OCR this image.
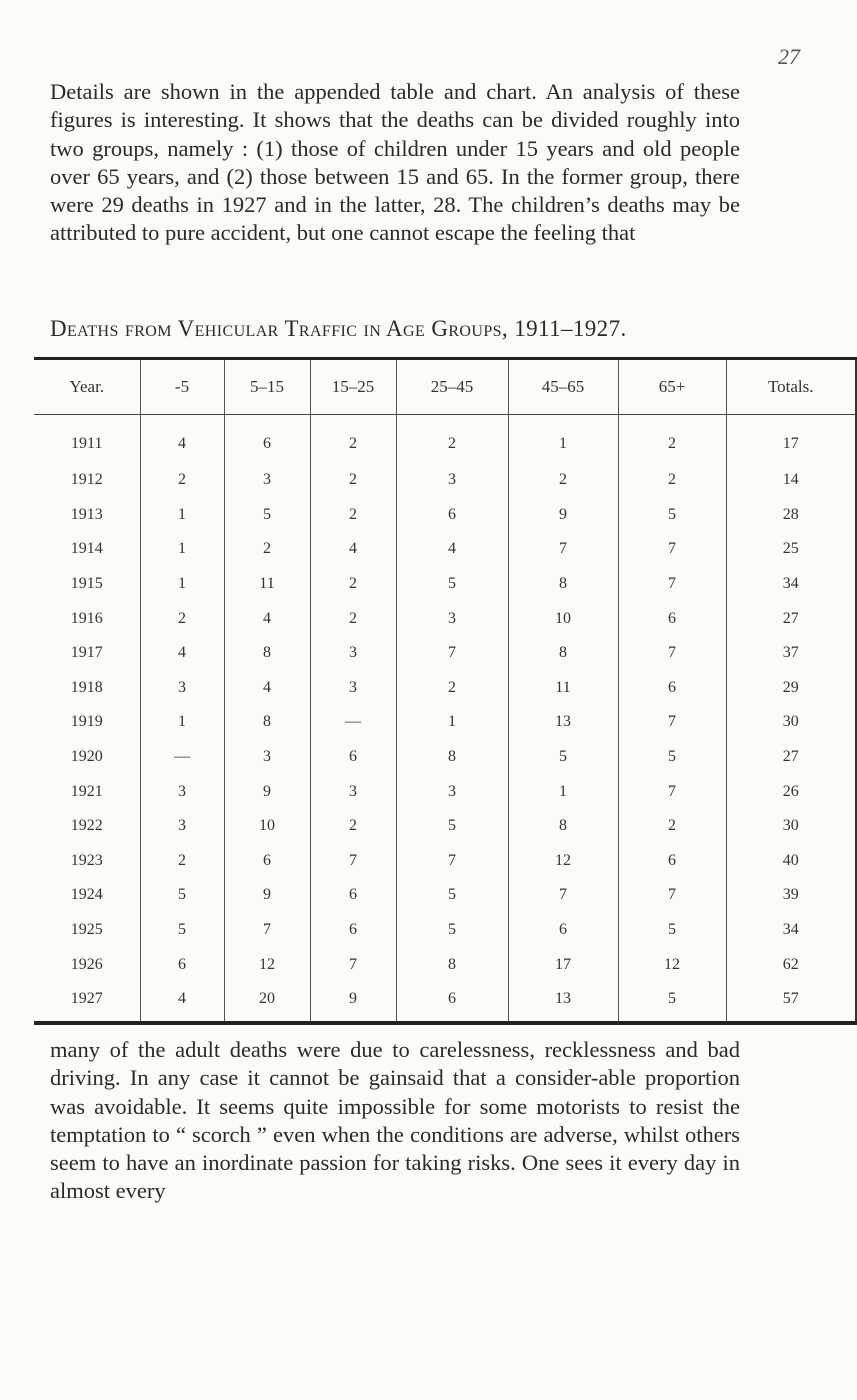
27

Details are shown in the appended table and chart. An analysis of these figures is interesting. It shows that the deaths can be divided roughly into two groups, namely : (1) those of children under 15 years and old people over 65 years, and (2) those between 15 and 65. In the former group, there were 29 deaths in 1927 and in the latter, 28. The children’s deaths may be attributed to pure accident, but one cannot escape the feeling that

Deaths from Vehicular Traffic in Age Groups, 1911–1927.
Year.	-5	5–15	15–25	25–45	45–65	65+	Totals.
1911	4	6	2	2	1	2	17
1912	2	3	2	3	2	2	14
1913	1	5	2	6	9	5	28
1914	1	2	4	4	7	7	25
1915	1	11	2	5	8	7	34
1916	2	4	2	3	10	6	27
1917	4	8	3	7	8	7	37
1918	3	4	3	2	11	6	29
1919	1	8	—	1	13	7	30
1920	—	3	6	8	5	5	27
1921	3	9	3	3	1	7	26
1922	3	10	2	5	8	2	30
1923	2	6	7	7	12	6	40
1924	5	9	6	5	7	7	39
1925	5	7	6	5	6	5	34
1926	6	12	7	8	17	12	62
1927	4	20	9	6	13	5	57

many of the adult deaths were due to carelessness, recklessness and bad driving. In any case it cannot be gainsaid that a consider-able proportion was avoidable. It seems quite impossible for some motorists to resist the temptation to “ scorch ” even when the conditions are adverse, whilst others seem to have an inordinate passion for taking risks. One sees it every day in almost every
